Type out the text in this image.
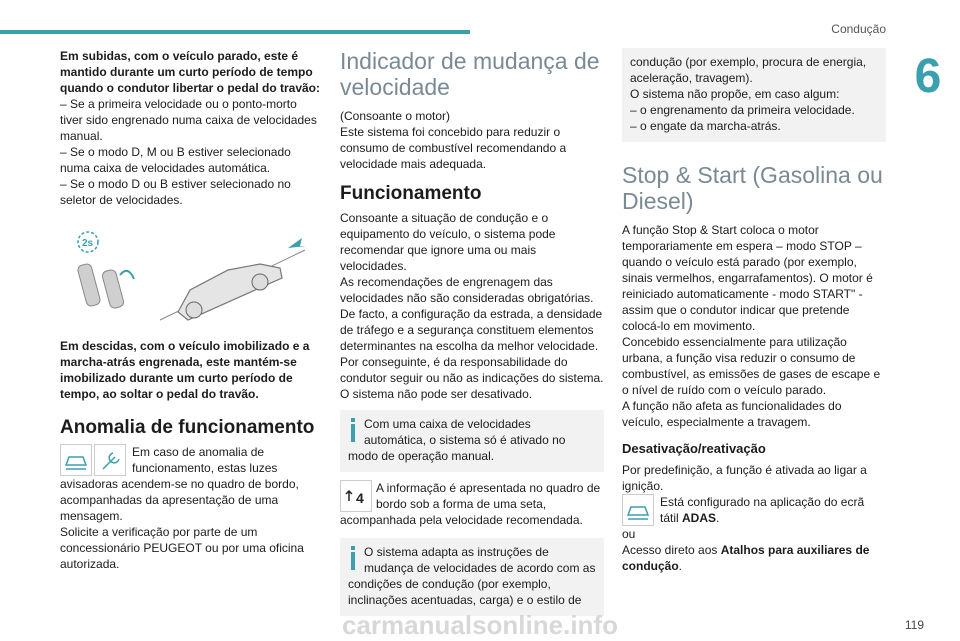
Condução
6

Em subidas, com o veículo parado, este é mantido durante um curto período de tempo quando o condutor libertar o pedal do travão:

– Se a primeira velocidade ou o ponto-morto tiver sido engrenado numa caixa de velocidades manual.

– Se o modo D, M ou B estiver selecionado numa caixa de velocidades automática.

– Se o modo D ou B estiver selecionado no seletor de velocidades.

2s

Em descidas, com o veículo imobilizado e a marcha-atrás engrenada, este mantém-se imobilizado durante um curto período de tempo, ao soltar o pedal do travão.

Anomalia de funcionamento

Em caso de anomalia de funcionamento, estas luzes avisadoras acendem-se no quadro de bordo, acompanhadas da apresentação de uma mensagem.

Solicite a verificação por parte de um concessionário PEUGEOT ou por uma oficina autorizada.

Indicador de mudança de velocidade

(Consoante o motor)

Este sistema foi concebido para reduzir o consumo de combustível recomendando a velocidade mais adequada.

Funcionamento

Consoante a situação de condução e o equipamento do veículo, o sistema pode recomendar que ignore uma ou mais velocidades.

As recomendações de engrenagem das velocidades não são consideradas obrigatórias. De facto, a configuração da estrada, a densidade de tráfego e a segurança constituem elementos determinantes na escolha da melhor velocidade. Por conseguinte, é da responsabilidade do condutor seguir ou não as indicações do sistema.

O sistema não pode ser desativado.

Com uma caixa de velocidades automática, o sistema só é ativado no modo de operação manual.
4
A informação é apresentada no quadro de bordo sob a forma de uma seta, acompanhada pela velocidade recomendada.
O sistema adapta as instruções de mudança de velocidades de acordo com as condições de condução (por exemplo, inclinações acentuadas, carga) e o estilo de

condução (por exemplo, procura de energia, aceleração, travagem).

O sistema não propõe, em caso algum:

– o engrenamento da primeira velocidade.

– o engate da marcha-atrás.

Stop & Start (Gasolina ou Diesel)

A função Stop & Start coloca o motor temporariamente em espera – modo STOP – quando o veículo está parado (por exemplo, sinais vermelhos, engarrafamentos). O motor é reiniciado automaticamente - modo START" - assim que o condutor indicar que pretende colocá-lo em movimento.

Concebido essencialmente para utilização urbana, a função visa reduzir o consumo de combustível, as emissões de gases de escape e o nível de ruído com o veículo parado.

A função não afeta as funcionalidades do veículo, especialmente a travagem.

Desativação/reativação

Por predefinição, a função é ativada ao ligar a ignição.

Está configurado na aplicação do ecrã tátil ADAS.

ou

Acesso direto aos Atalhos para auxiliares de condução.

carmanualsonline.info	119
